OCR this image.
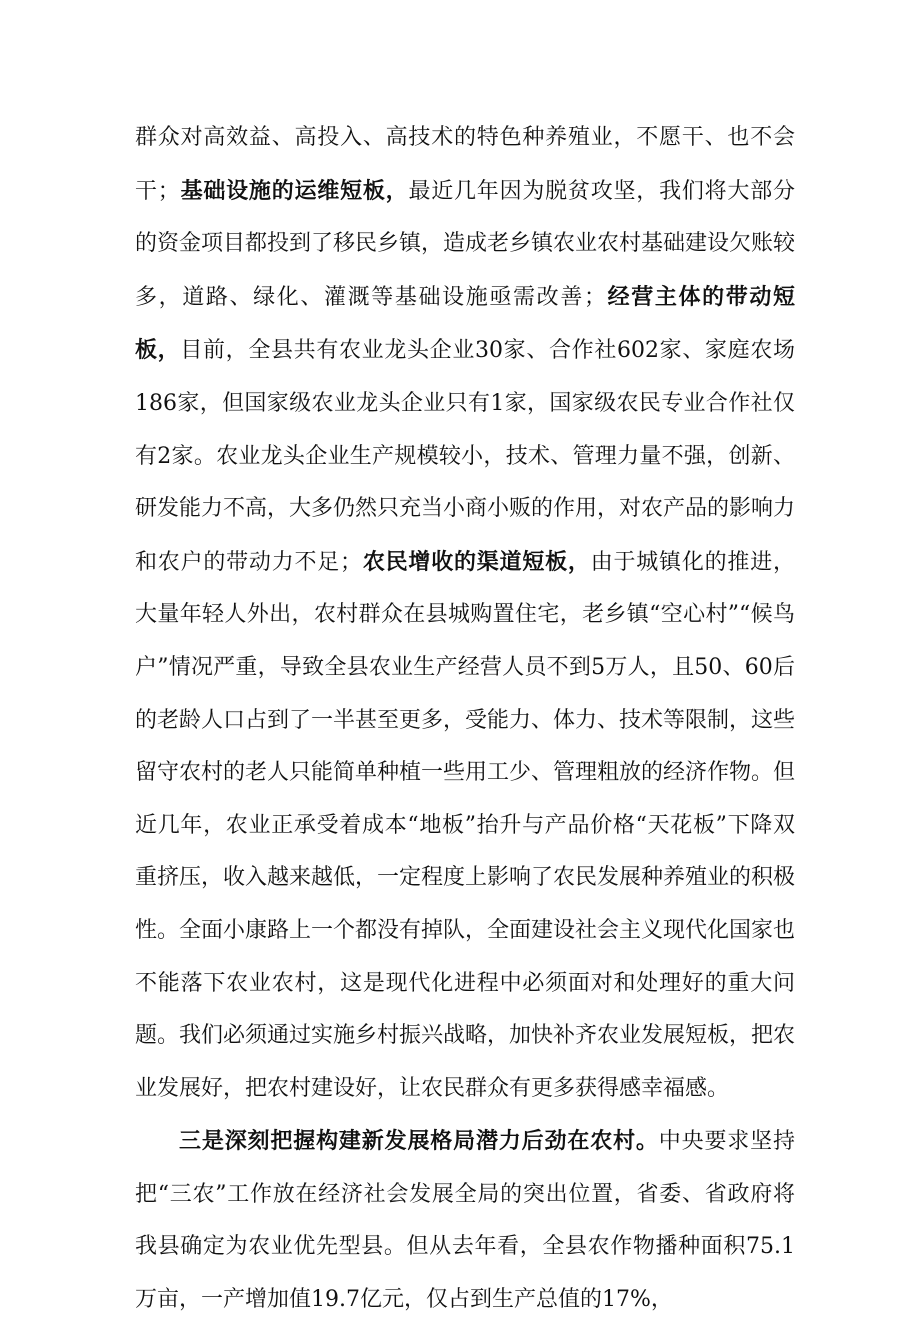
群众对高效益、高投入、高技术的特色种养殖业，不愿干、也不会干；基础设施的运维短板，最近几年因为脱贫攻坚，我们将大部分的资金项目都投到了移民乡镇，造成老乡镇农业农村基础建设欠账较多，道路、绿化、灌溉等基础设施亟需改善；经营主体的带动短板，目前，全县共有农业龙头企业30家、合作社602家、家庭农场186家，但国家级农业龙头企业只有1家，国家级农民专业合作社仅有2家。农业龙头企业生产规模较小，技术、管理力量不强，创新、研发能力不高，大多仍然只充当小商小贩的作用，对农产品的影响力和农户的带动力不足；农民增收的渠道短板，由于城镇化的推进，大量年轻人外出，农村群众在县城购置住宅，老乡镇“空心村”“候鸟户”情况严重，导致全县农业生产经营人员不到5万人，且50、60后的老龄人口占到了一半甚至更多，受能力、体力、技术等限制，这些留守农村的老人只能简单种植一些用工少、管理粗放的经济作物。但近几年，农业正承受着成本“地板”抬升与产品价格“天花板”下降双重挤压，收入越来越低，一定程度上影响了农民发展种养殖业的积极性。全面小康路上一个都没有掉队，全面建设社会主义现代化国家也不能落下农业农村，这是现代化进程中必须面对和处理好的重大问题。我们必须通过实施乡村振兴战略，加快补齐农业发展短板，把农业发展好，把农村建设好，让农民群众有更多获得感幸福感。

三是深刻把握构建新发展格局潜力后劲在农村。中央要求坚持把“三农”工作放在经济社会发展全局的突出位置，省委、省政府将我县确定为农业优先型县。但从去年看，全县农作物播种面积75.1万亩，一产增加值19.7亿元，仅占到生产总值的17%，
